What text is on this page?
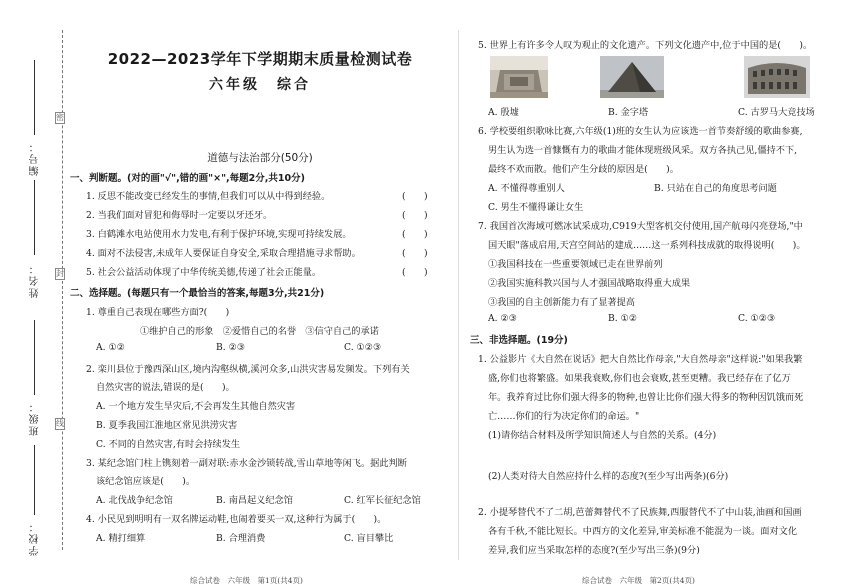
密
封
线
编号：
姓名：
班级：
学校：
2022—2023学年下学期期末质量检测试卷
六年级　综合
道德与法治部分(50分)
一、判断题。(对的画"√",错的画"×",每题2分,共10分)
1. 反思不能改变已经发生的事情,但我们可以从中得到经验。	(　　)
2. 当我们面对冒犯和侮辱时一定要以牙还牙。	(　　)
3. 白鹤滩水电站使用水力发电,有利于保护环境,实现可持续发展。	(　　)
4. 面对不法侵害,未成年人要保证自身安全,采取合理措施寻求帮助。	(　　)
5. 社会公益活动体现了中华传统美德,传递了社会正能量。	(　　)
二、选择题。(每题只有一个最恰当的答案,每题3分,共21分)
1. 尊重自己表现在哪些方面?(　　)
①维护自己的形象　②爱惜自己的名誉　③信守自己的承诺
A. ①②	B. ②③	C. ①②③
2. 栾川县位于豫西深山区,境内沟壑纵横,溪河众多,山洪灾害易发频发。下列有关
自然灾害的说法,错误的是(　　)。
A. 一个地方发生旱灾后,不会再发生其他自然灾害
B. 夏季我国江淮地区常见洪涝灾害
C. 不同的自然灾害,有时会持续发生
3. 某纪念馆门柱上镌刻着一副对联:赤水金沙锁转战,雪山草地等闲飞。据此判断
该纪念馆应该是(　　)。
A. 北伐战争纪念馆	B. 南昌起义纪念馆	C. 红军长征纪念馆
4. 小民见到明明有一双名牌运动鞋,也闹着要买一双,这种行为属于(　　)。
A. 精打细算	B. 合理消费	C. 盲目攀比
综合试卷　六年级　第1页(共4页)
5. 世界上有许多令人叹为观止的文化遗产。下列文化遗产中,位于中国的是(　　)。
A. 殷墟	B. 金字塔	C. 古罗马大竞技场
6. 学校要组织歌咏比赛,六年级(1)班的女生认为应该选一首节奏舒缓的歌曲参赛,
男生认为选一首慷慨有力的歌曲才能体现班级风采。双方各执己见,僵持不下,
最终不欢而散。他们产生分歧的原因是(　　)。
A. 不懂得尊重别人	B. 只站在自己的角度思考问题
C. 男生不懂得谦让女生
7. 我国首次海域可燃冰试采成功,C919大型客机交付使用,国产航母闪亮登场,"中
国天眼"落成启用,天宫空间站的建成……这一系列科技成就的取得说明(　　)。
①我国科技在一些重要领域已走在世界前列
②我国实施科教兴国与人才强国战略取得重大成果
③我国的自主创新能力有了显著提高
A. ②③	B. ①②	C. ①②③
三、非选择题。(19分)
1. 公益影片《大自然在说话》把大自然比作母亲,"大自然母亲"这样说:"如果我繁
盛,你们也将繁盛。如果我衰败,你们也会衰败,甚至更糟。我已经存在了亿万
年。我养育过比你们强大得多的物种,也曾让比你们强大得多的物种因饥饿而死
亡……你们的行为决定你们的命运。"
(1)请你结合材料及所学知识简述人与自然的关系。(4分)
(2)人类对待大自然应持什么样的态度?(至少写出两条)(6分)
2. 小提琴替代不了二胡,芭蕾舞替代不了民族舞,西服替代不了中山装,油画和国画
各有千秋,不能比短长。中西方的文化差异,审美标准不能混为一谈。面对文化
差异,我们应当采取怎样的态度?(至少写出三条)(9分)
综合试卷　六年级　第2页(共4页)
